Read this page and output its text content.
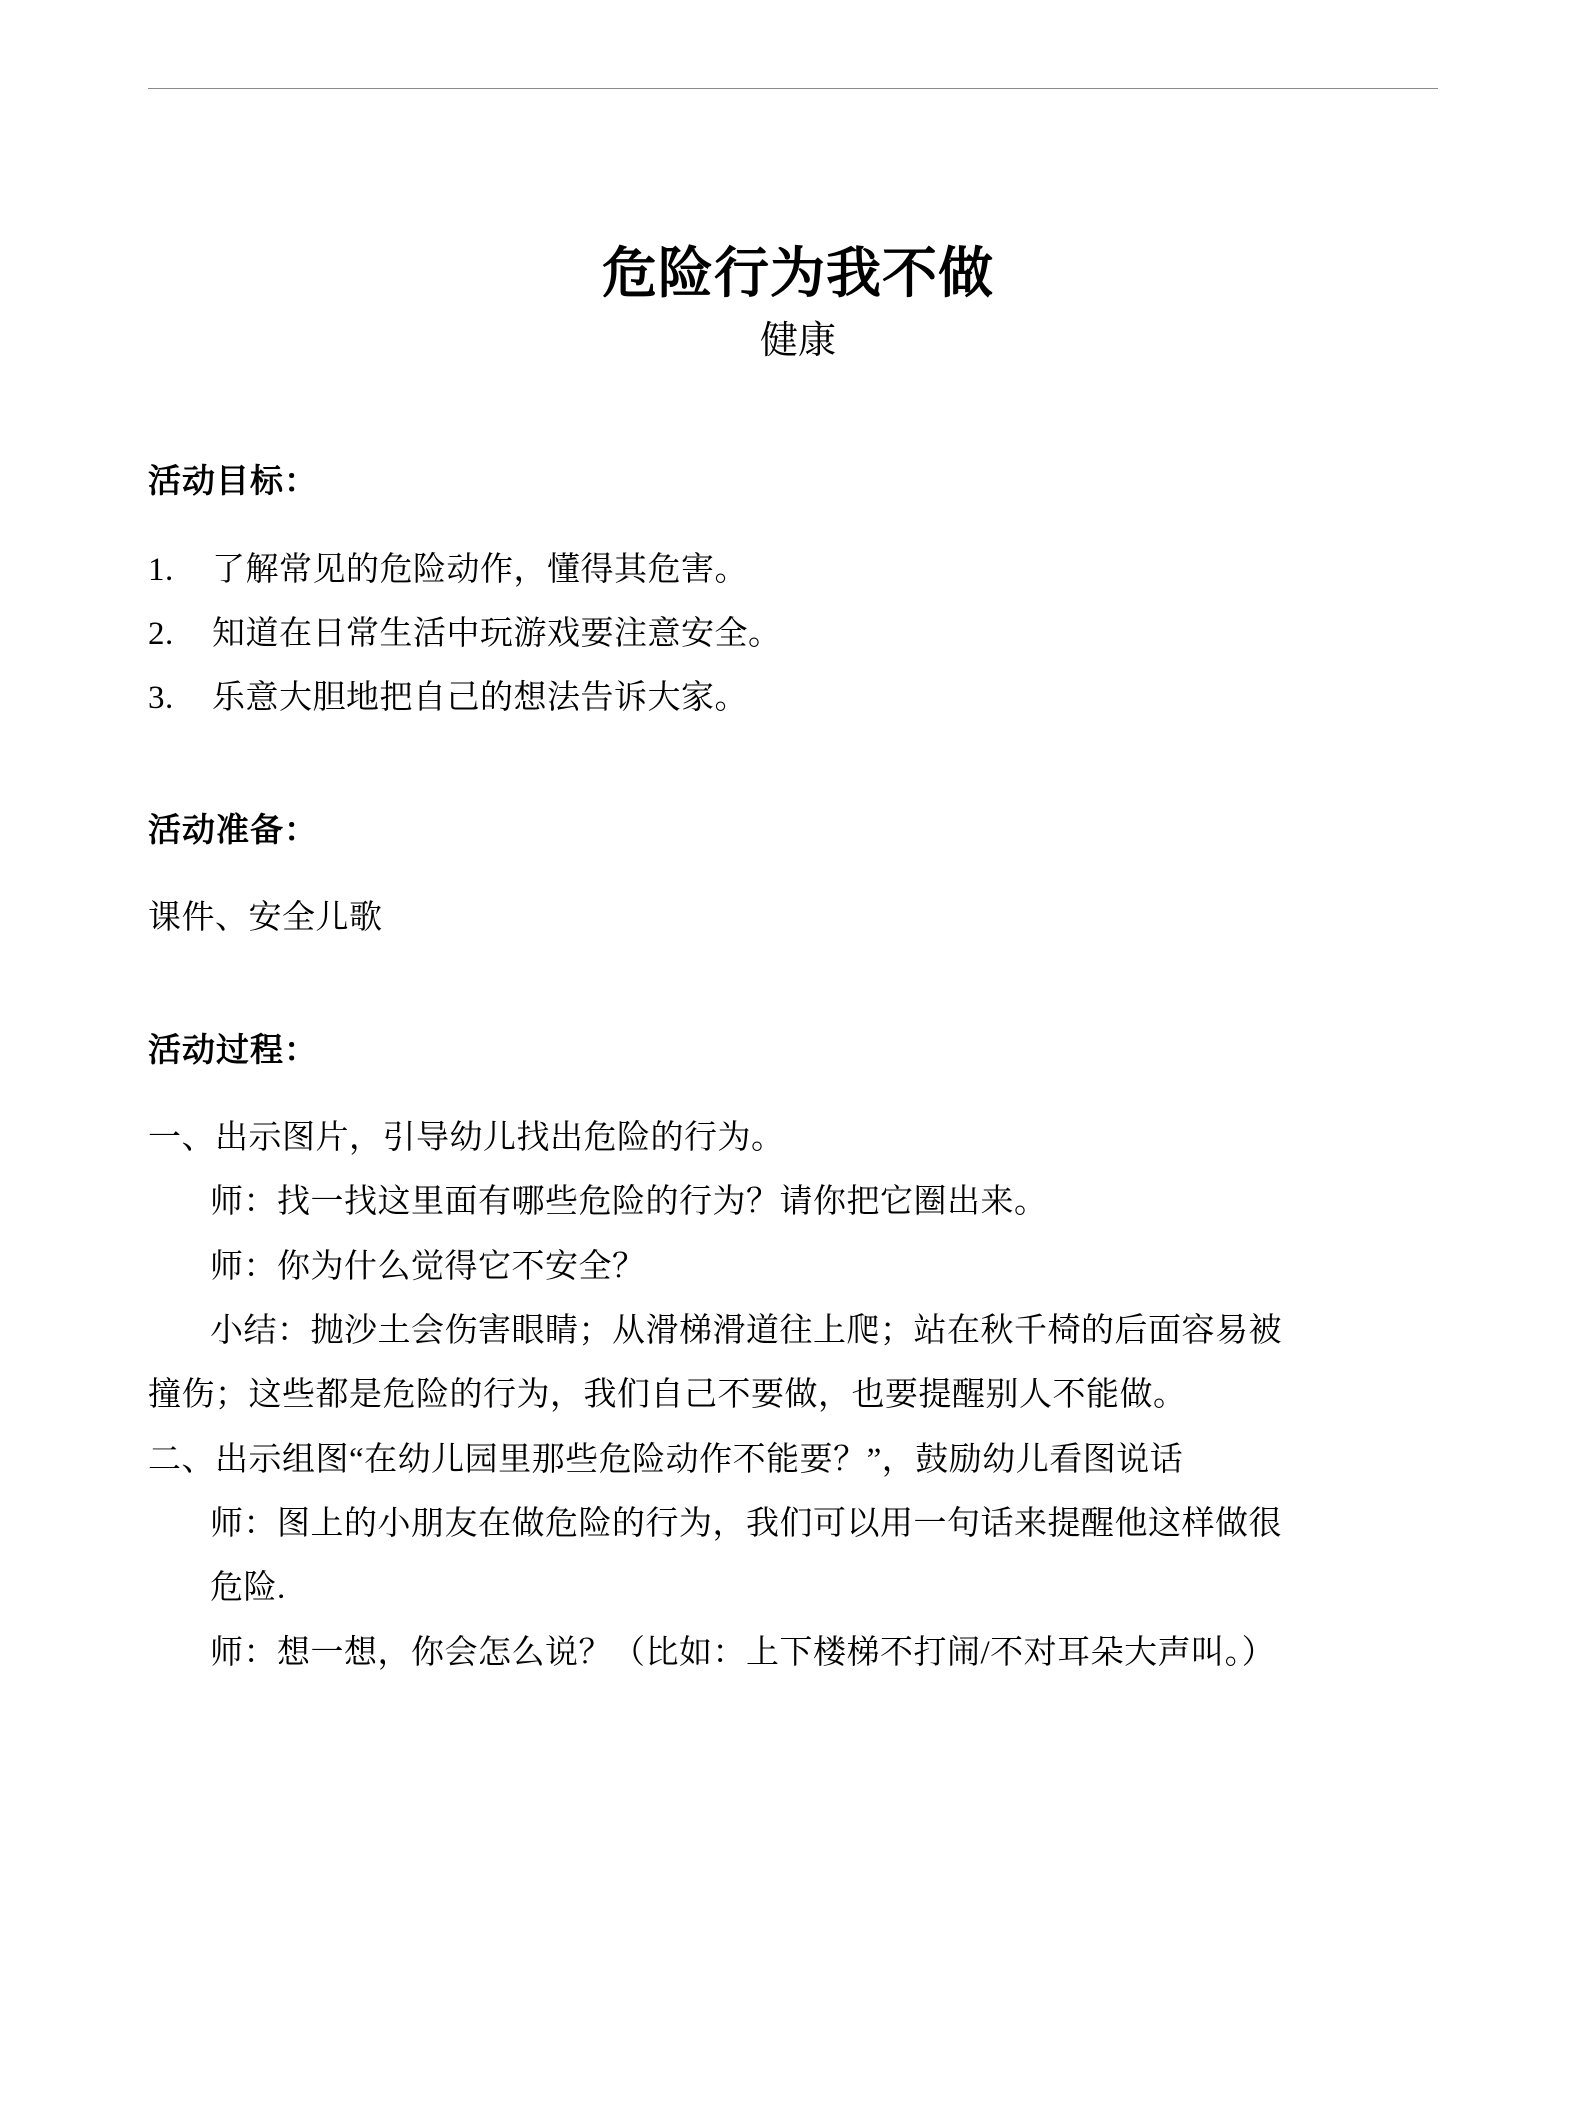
危险行为我不做
健康
活动目标：
1. 了解常见的危险动作，懂得其危害。
2. 知道在日常生活中玩游戏要注意安全。
3. 乐意大胆地把自己的想法告诉大家。
活动准备：
课件、安全儿歌
活动过程：
一、出示图片，引导幼儿找出危险的行为。
师：找一找这里面有哪些危险的行为？请你把它圈出来。
师：你为什么觉得它不安全？
小结：抛沙土会伤害眼睛；从滑梯滑道往上爬；站在秋千椅的后面容易被
撞伤；这些都是危险的行为，我们自己不要做，也要提醒别人不能做。
二、出示组图“在幼儿园里那些危险动作不能要？”，鼓励幼儿看图说话
师：图上的小朋友在做危险的行为，我们可以用一句话来提醒他这样做很
危险.
师：想一想，你会怎么说？（比如：上下楼梯不打闹/不对耳朵大声叫。）
